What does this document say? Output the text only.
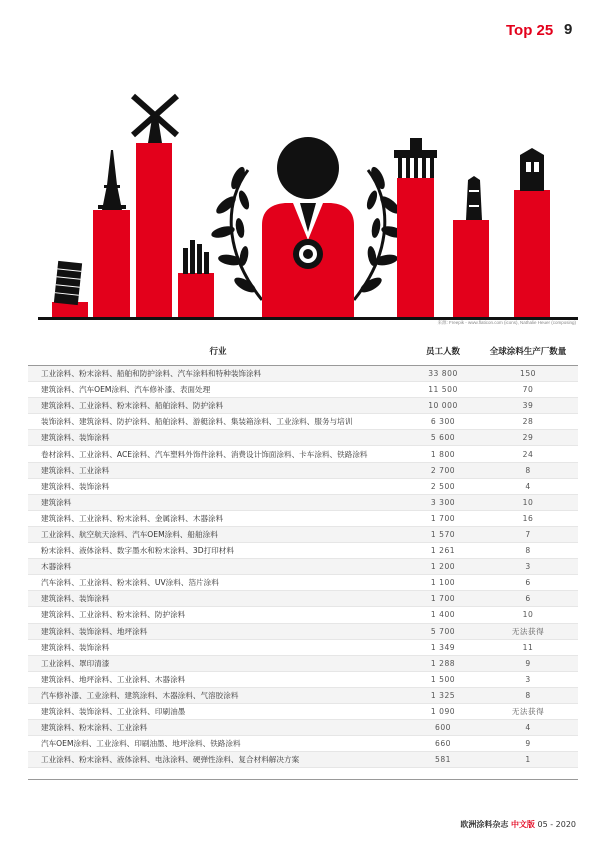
Top 25 9
来源: Freepik - www.flaticon.com (icons), Nathalie Heuer (composing)
行业	员工人数	全球涂料生产厂数量
工业涂料、粉末涂料、船舶和防护涂料、汽车涂料和特种装饰涂料	33 800	150
建筑涂料、汽车OEM涂料、汽车修补漆、表面处理	11 500	70
建筑涂料、工业涂料、粉末涂料、船舶涂料、防护涂料	10 000	39
装饰涂料、建筑涂料、防护涂料、船舶涂料、游艇涂料、集装箱涂料、工业涂料、服务与培训	6 300	28
建筑涂料、装饰涂料	5 600	29
卷材涂料、工业涂料、ACE涂料、汽车塑料外饰件涂料、消费设计饰面涂料、卡车涂料、铁路涂料	1 800	24
建筑涂料、工业涂料	2 700	8
建筑涂料、装饰涂料	2 500	4
建筑涂料	3 300	10
建筑涂料、工业涂料、粉末涂料、金属涂料、木器涂料	1 700	16
工业涂料、航空航天涂料、汽车OEM涂料、船舶涂料	1 570	7
粉末涂料、液体涂料、数字墨水和粉末涂料、3D打印材料	1 261	8
木器涂料	1 200	3
汽车涂料、工业涂料、粉末涂料、UV涂料、箔片涂料	1 100	6
建筑涂料、装饰涂料	1 700	6
建筑涂料、工业涂料、粉末涂料、防护涂料	1 400	10
建筑涂料、装饰涂料、地坪涂料	5 700	无法获得
建筑涂料、装饰涂料	1 349	11
工业涂料、罩印清漆	1 288	9
建筑涂料、地坪涂料、工业涂料、木器涂料	1 500	3
汽车修补漆、工业涂料、建筑涂料、木器涂料、气溶胶涂料	1 325	8
建筑涂料、装饰涂料、工业涂料、印刷油墨	1 090	无法获得
建筑涂料、粉末涂料、工业涂料	600	4
汽车OEM涂料、工业涂料、印刷油墨、地坪涂料、铁路涂料	660	9
工业涂料、粉末涂料、液体涂料、电泳涂料、硬弹性涂料、复合材料解决方案	581	1
欧洲涂料杂志 中文版 05 - 2020
